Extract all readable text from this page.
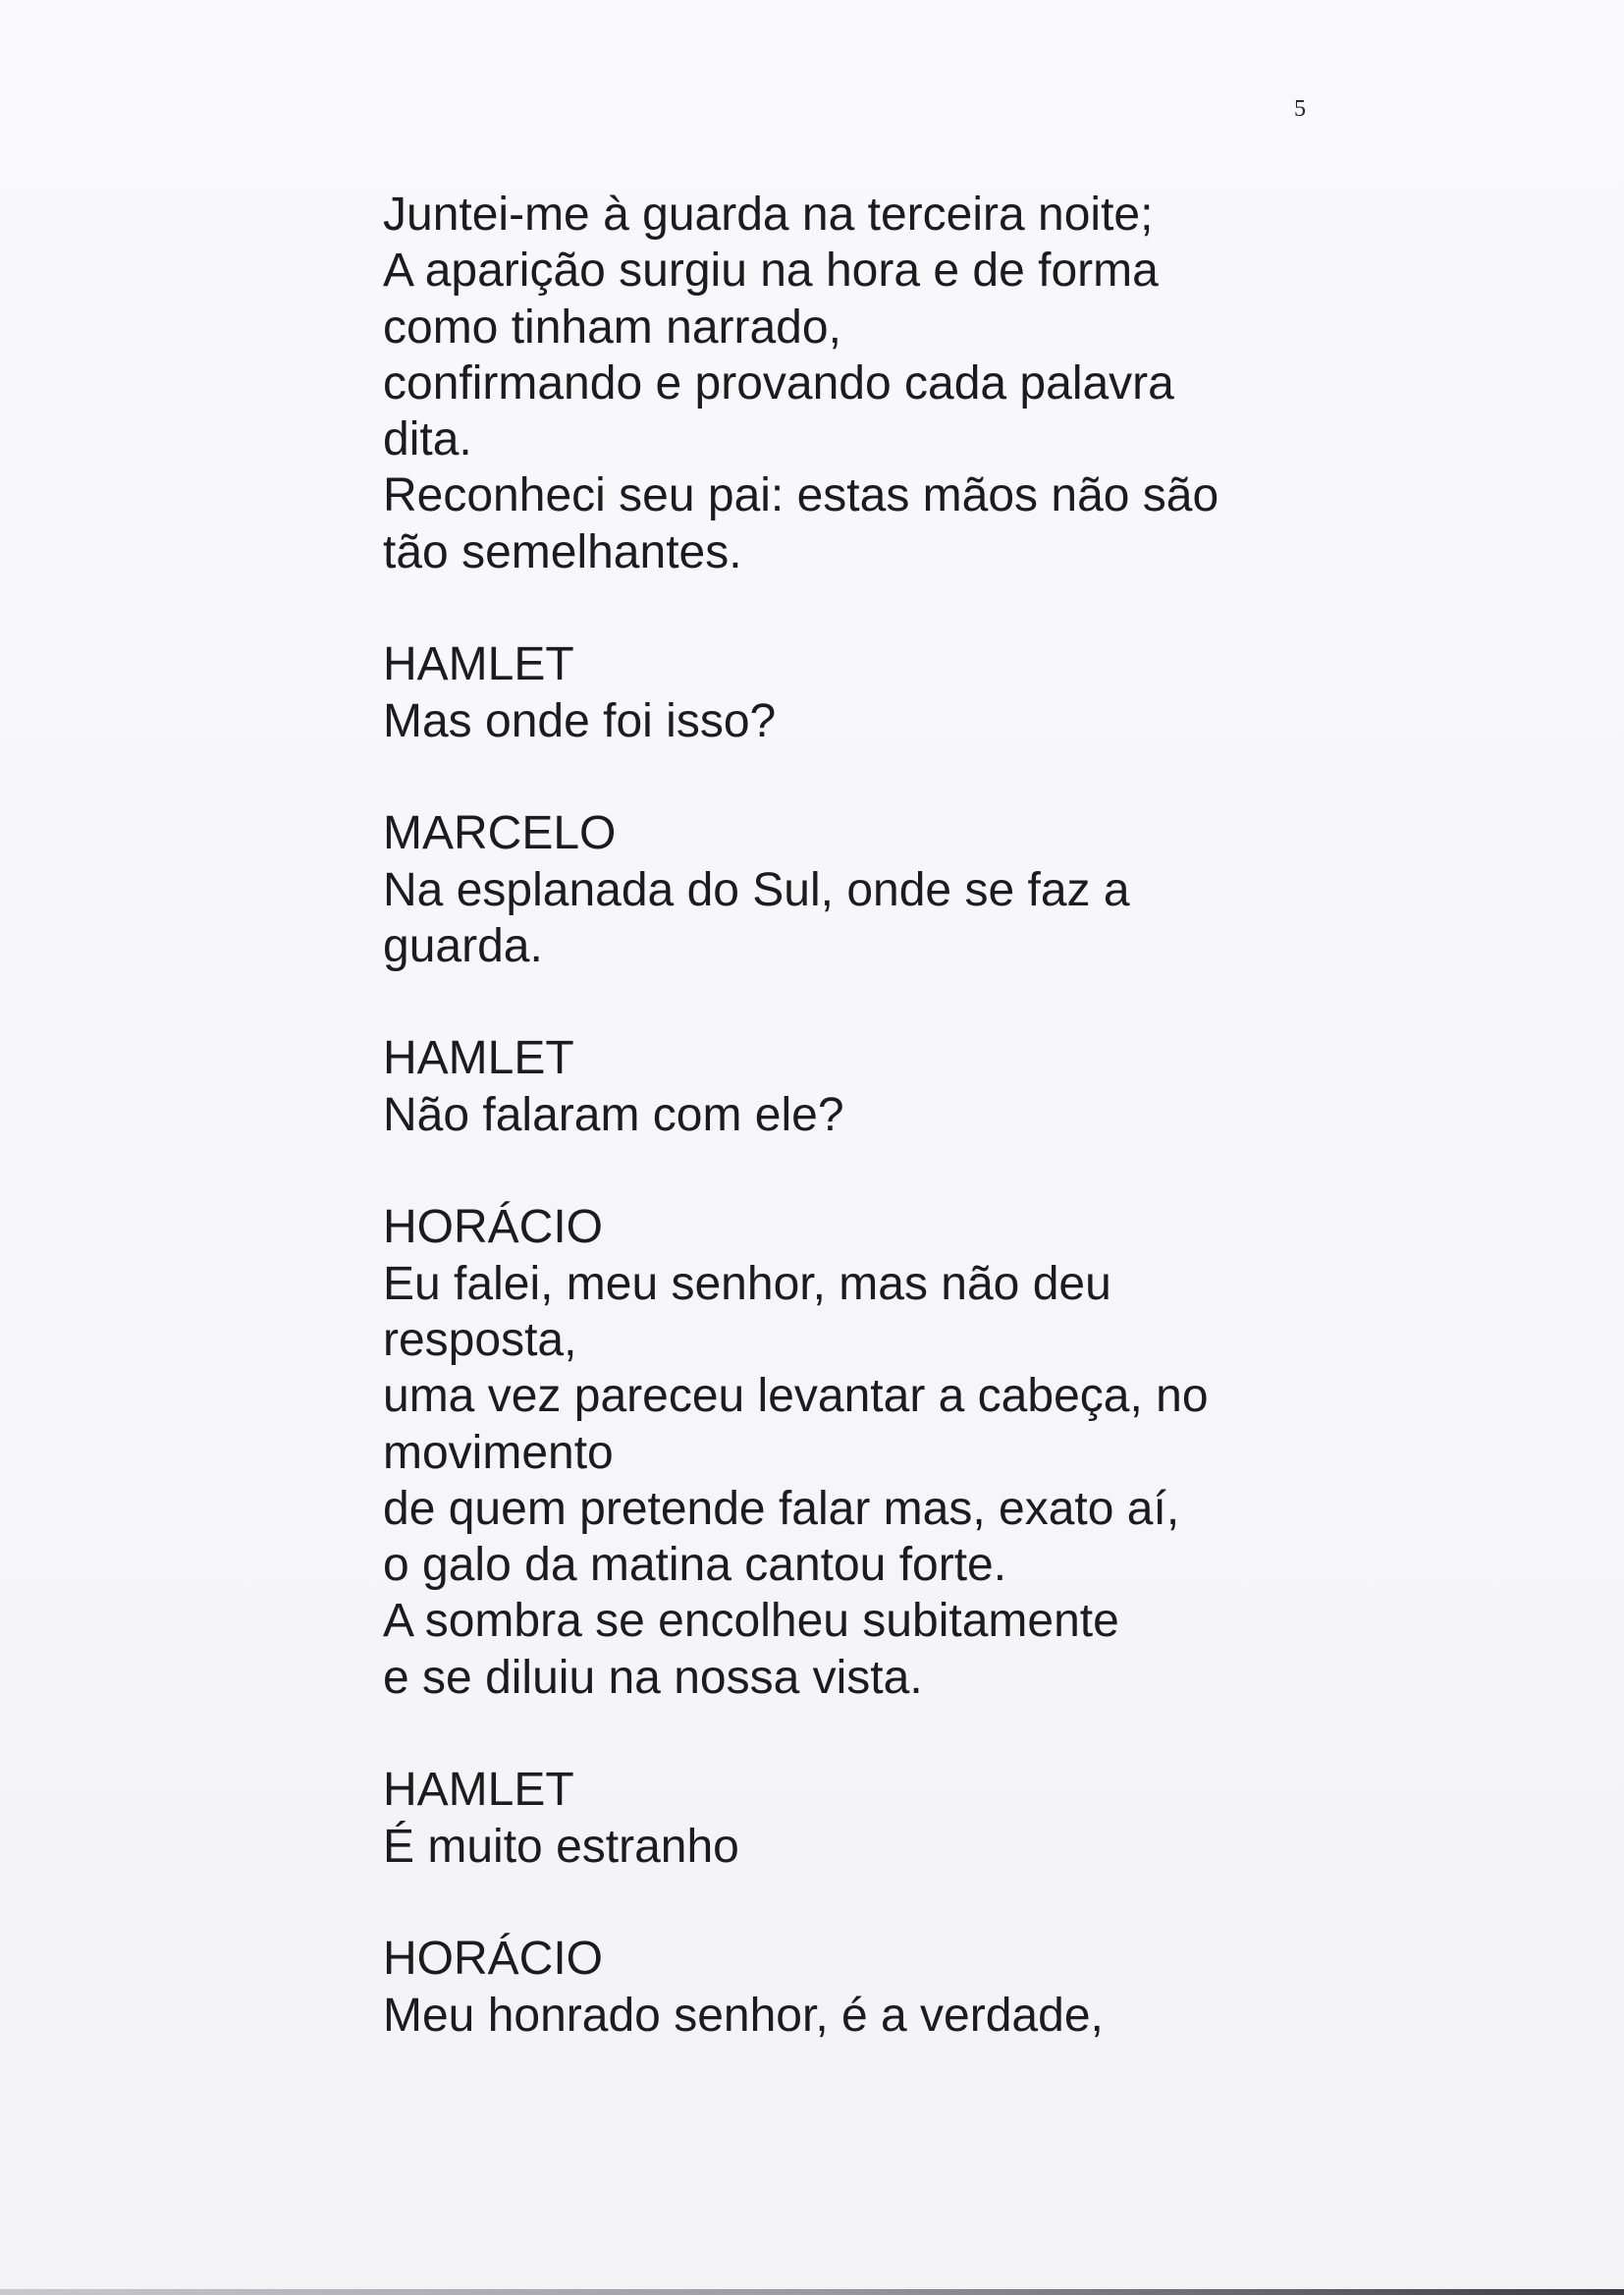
5
Juntei-me à guarda na terceira noite;
A aparição surgiu na hora e de forma
como tinham narrado,
confirmando e provando cada palavra
dita.
Reconheci seu pai: estas mãos não são
tão semelhantes.
HAMLET
Mas onde foi isso?
MARCELO
Na esplanada do Sul, onde se faz a
guarda.
HAMLET
Não falaram com ele?
HORÁCIO
Eu falei, meu senhor, mas não deu
resposta,
uma vez pareceu levantar a cabeça, no
movimento
de quem pretende falar mas, exato aí,
o galo da matina cantou forte.
A sombra se encolheu subitamente
e se diluiu na nossa vista.
HAMLET
É muito estranho
HORÁCIO
Meu honrado senhor, é a verdade,
